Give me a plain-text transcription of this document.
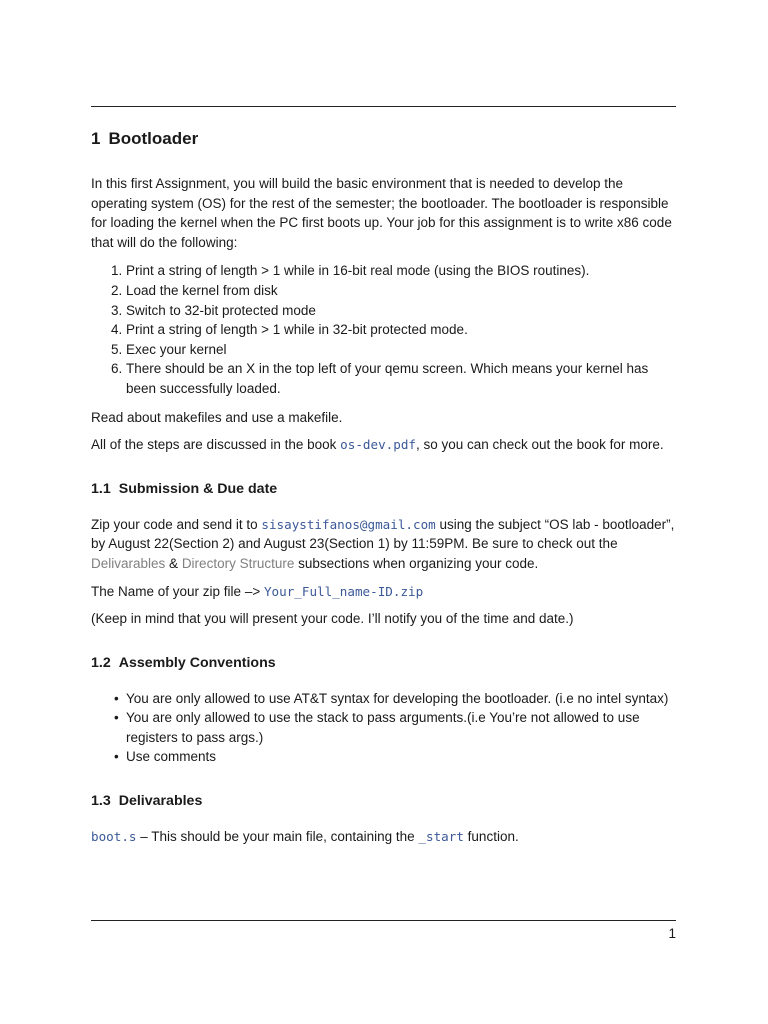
1 Bootloader

In this first Assignment, you will build the basic environment that is needed to develop the operating system (OS) for the rest of the semester; the bootloader. The bootloader is responsible for loading the kernel when the PC first boots up. Your job for this assignment is to write x86 code that will do the following:

1. Print a string of length > 1 while in 16-bit real mode (using the BIOS routines).
2. Load the kernel from disk
3. Switch to 32-bit protected mode
4. Print a string of length > 1 while in 32-bit protected mode.
5. Exec your kernel
6. There should be an X in the top left of your qemu screen. Which means your kernel has been successfully loaded.

Read about makefiles and use a makefile.

All of the steps are discussed in the book os-dev.pdf, so you can check out the book for more.

1.1 Submission & Due date

Zip your code and send it to sisaystifanos@gmail.com using the subject “OS lab - bootloader”, by August 22(Section 2) and August 23(Section 1) by 11:59PM. Be sure to check out the Delivarables & Directory Structure subsections when organizing your code.

The Name of your zip file –> Your_Full_name-ID.zip

(Keep in mind that you will present your code. I’ll notify you of the time and date.)

1.2 Assembly Conventions
• You are only allowed to use AT&T syntax for developing the bootloader. (i.e no intel syntax)
• You are only allowed to use the stack to pass arguments.(i.e You’re not allowed to use registers to pass args.)
• Use comments
1.3 Delivarables

boot.s – This should be your main file, containing the _start function.

1
